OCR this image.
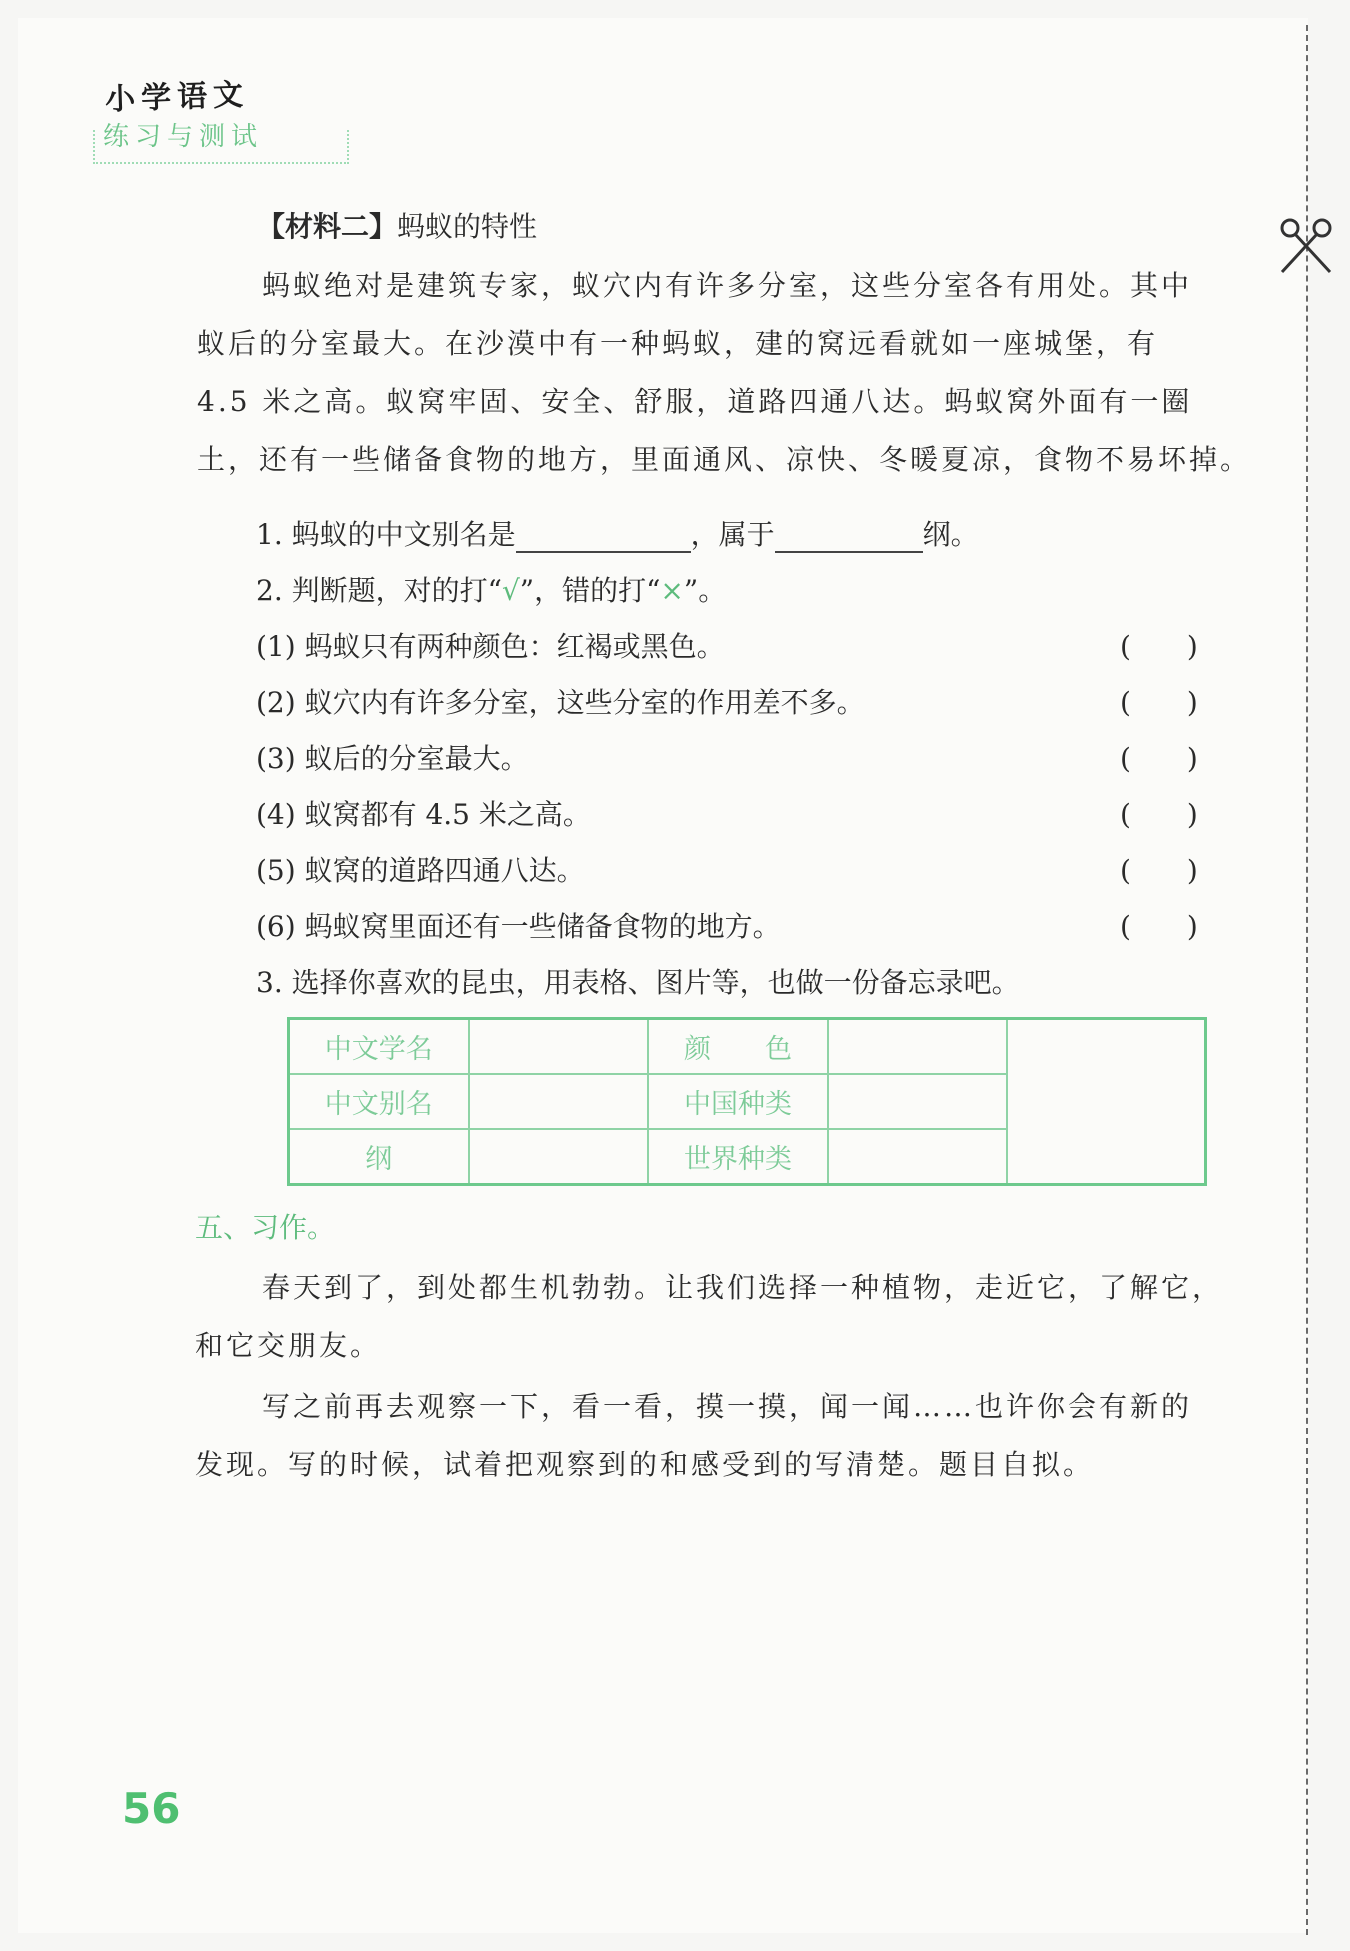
小学语文
练习与测试
【材料二】蚂蚁的特性
蚂蚁绝对是建筑专家，蚁穴内有许多分室，这些分室各有用处。其中
蚁后的分室最大。在沙漠中有一种蚂蚁，建的窝远看就如一座城堡，有
4.5 米之高。蚁窝牢固、安全、舒服，道路四通八达。蚂蚁窝外面有一圈
土，还有一些储备食物的地方，里面通风、凉快、冬暖夏凉，食物不易坏掉。
1. 蚂蚁的中文别名是	，属于	纲。
2. 判断题，对的打“√”，错的打“×”。
(1) 蚂蚁只有两种颜色：红褐或黑色。	(　　)
(2) 蚁穴内有许多分室，这些分室的作用差不多。	(　　)
(3) 蚁后的分室最大。	(　　)
(4) 蚁窝都有 4.5 米之高。	(　　)
(5) 蚁窝的道路四通八达。	(　　)
(6) 蚂蚁窝里面还有一些储备食物的地方。	(　　)
3. 选择你喜欢的昆虫，用表格、图片等，也做一份备忘录吧。
中文学名		颜　　色		
中文别名		中国种类		
纲		世界种类		
五、习作。
春天到了，到处都生机勃勃。让我们选择一种植物，走近它，了解它，
和它交朋友。
写之前再去观察一下，看一看，摸一摸，闻一闻……也许你会有新的
发现。写的时候，试着把观察到的和感受到的写清楚。题目自拟。
56
